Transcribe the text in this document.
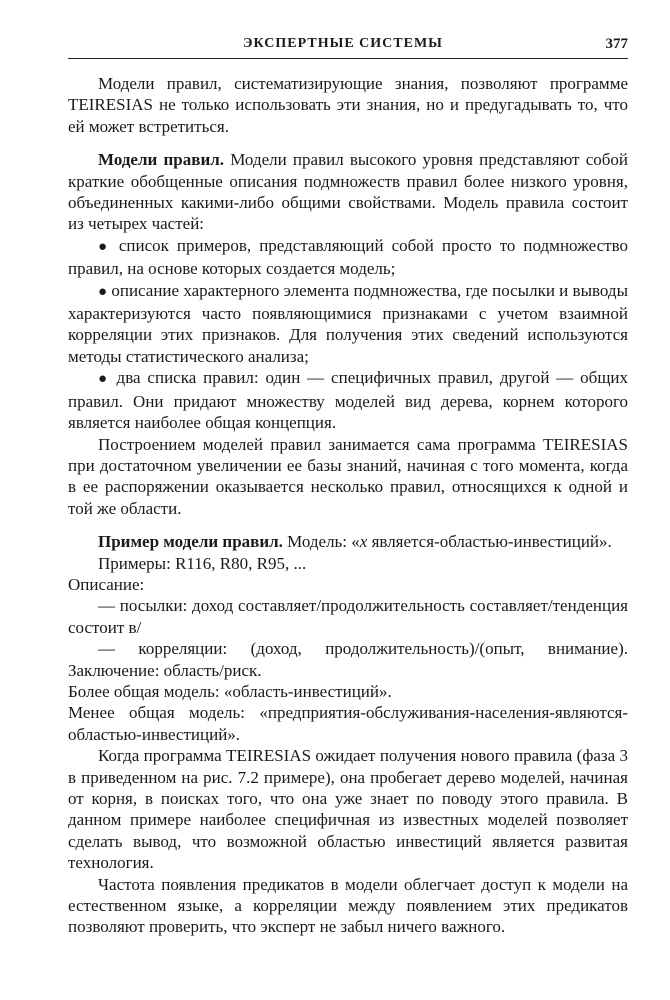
ЭКСПЕРТНЫЕ СИСТЕМЫ	377

Модели правил, систематизирующие знания, позволяют программе TEIRESIAS не только использовать эти знания, но и предугадывать то, что ей может встретиться.

Модели правил. Модели правил высокого уровня представляют собой краткие обобщенные описания подмножеств правил более низкого уровня, объединенных какими-либо общими свойствами. Модель правила состоит из четырех частей:

● список примеров, представляющий собой просто то подмножество правил, на основе которых создается модель;

● описание характерного элемента подмножества, где посылки и выводы характеризуются часто появляющимися признаками с учетом взаимной корреляции этих признаков. Для получения этих сведений используются методы статистического анализа;

● два списка правил: один — специфичных правил, другой — общих правил. Они придают множеству моделей вид дерева, корнем которого является наиболее общая концепция.

Построением моделей правил занимается сама программа TEIRESIAS при достаточном увеличении ее базы знаний, начиная с того момента, когда в ее распоряжении оказывается несколько правил, относящихся к одной и той же области.

Пример модели правил. Модель: «x является-областью-инвестиций».

Примеры: R116, R80, R95, ...

Описание:

— посылки: доход составляет/продолжительность составляет/тенденция состоит в/

— корреляции: (доход, продолжительность)/(опыт, внимание). Заключение: область/риск.

Более общая модель: «область-инвестиций».

Менее общая модель: «предприятия-обслуживания-населения-являются-областью-инвестиций».

Когда программа TEIRESIAS ожидает получения нового правила (фаза 3 в приведенном на рис. 7.2 примере), она пробегает дерево моделей, начиная от корня, в поисках того, что она уже знает по поводу этого правила. В данном примере наиболее специфичная из известных моделей позволяет сделать вывод, что возможной областью инвестиций является развитая технология.

Частота появления предикатов в модели облегчает доступ к модели на естественном языке, а корреляции между появлением этих предикатов позволяют проверить, что эксперт не забыл ничего важного.
